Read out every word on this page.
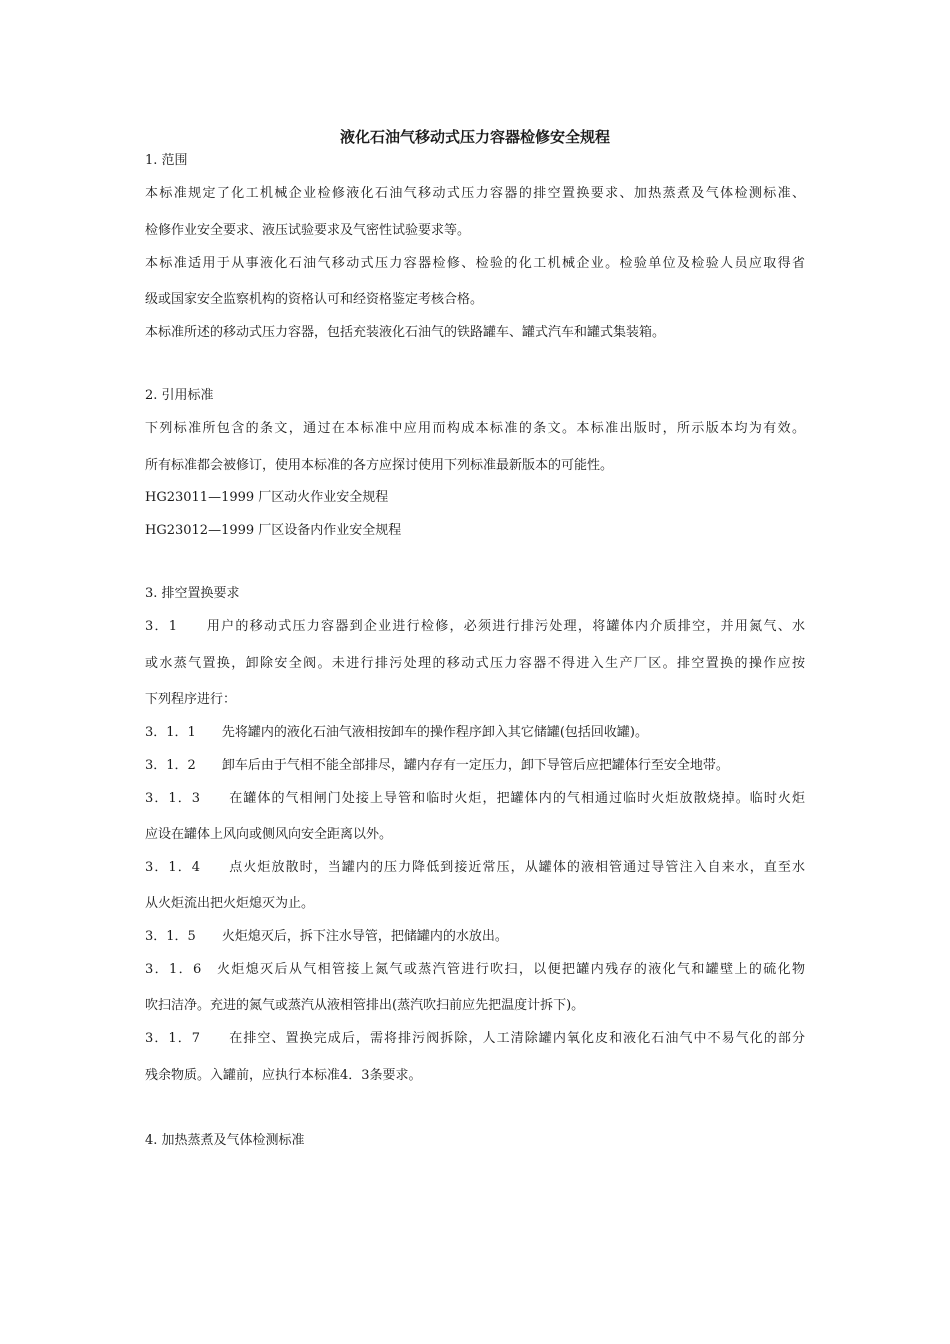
液化石油气移动式压力容器检修安全规程
1. 范围
本标准规定了化工机械企业检修液化石油气移动式压力容器的排空置换要求、加热蒸煮及气体检测标准、
检修作业安全要求、液压试验要求及气密性试验要求等。
本标准适用于从事液化石油气移动式压力容器检修、检验的化工机械企业。检验单位及检验人员应取得省
级或国家安全监察机构的资格认可和经资格鉴定考核合格。
本标准所述的移动式压力容器，包括充装液化石油气的铁路罐车、罐式汽车和罐式集装箱。
2. 引用标准
下列标准所包含的条文，通过在本标准中应用而构成本标准的条文。本标准出版时，所示版本均为有效。
所有标准都会被修订，使用本标准的各方应探讨使用下列标准最新版本的可能性。
HG23011—1999 厂区动火作业安全规程
HG23012—1999 厂区设备内作业安全规程
3. 排空置换要求
3．1　　用户的移动式压力容器到企业进行检修，必须进行排污处理，将罐体内介质排空，并用氮气、水
或水蒸气置换，卸除安全阀。未进行排污处理的移动式压力容器不得进入生产厂区。排空置换的操作应按
下列程序进行：
3．1．1　　先将罐内的液化石油气液相按卸车的操作程序卸入其它储罐(包括回收罐)。
3．1．2　　卸车后由于气相不能全部排尽，罐内存有一定压力，卸下导管后应把罐体行至安全地带。
3．1．3　　在罐体的气相闸门处接上导管和临时火炬，把罐体内的气相通过临时火炬放散烧掉。临时火炬
应设在罐体上风向或侧风向安全距离以外。
3．1．4　　点火炬放散时，当罐内的压力降低到接近常压，从罐体的液相管通过导管注入自来水，直至水
从火炬流出把火炬熄灭为止。
3．1．5　　火炬熄灭后，拆下注水导管，把储罐内的水放出。
3．1．6　火炬熄灭后从气相管接上氮气或蒸汽管进行吹扫，以便把罐内残存的液化气和罐壁上的硫化物
吹扫洁净。充进的氮气或蒸汽从液相管排出(蒸汽吹扫前应先把温度计拆下)。
3．1．7　　在排空、置换完成后，需将排污阀拆除，人工清除罐内氧化皮和液化石油气中不易气化的部分
残余物质。入罐前，应执行本标准4．3条要求。
4. 加热蒸煮及气体检测标准
